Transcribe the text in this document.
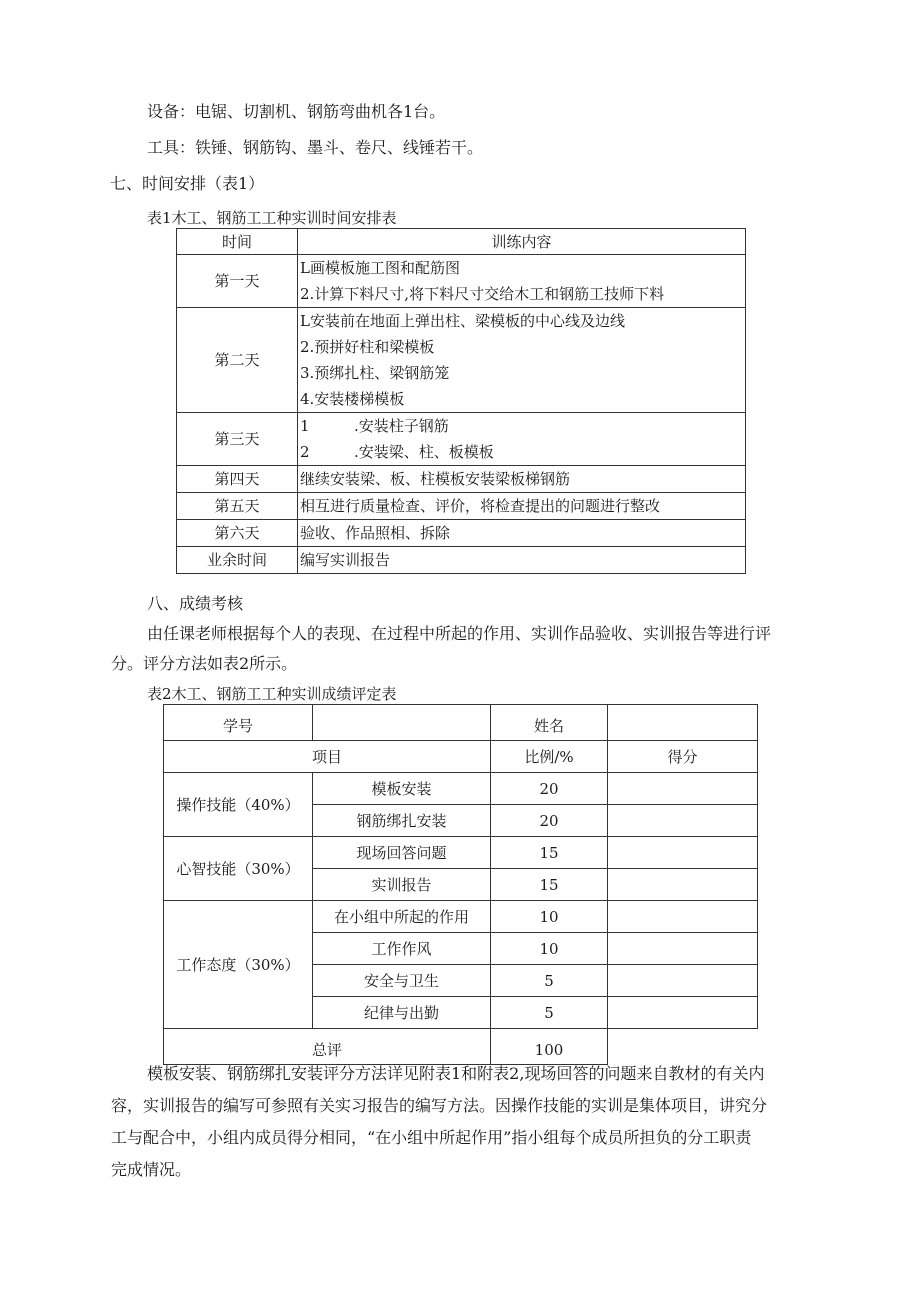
设备：电锯、切割机、钢筋弯曲机各1台。
工具：铁锤、钢筋钩、墨斗、卷尺、线锤若干。
七、时间安排（表1）
表1木工、钢筋工工种实训时间安排表
时间	训练内容
第一天	L画模板施工图和配筋图
2.计算下料尺寸,将下料尺寸交给木工和钢筋工技师下料

第二天	L安装前在地面上弹出柱、梁模板的中心线及边线
2.预拼好柱和梁模板
3.预绑扎柱、梁钢筋笼
4.安装楼梯模板

第三天	1 .安装柱子钢筋
2 .安装梁、柱、板模板

第四天	继续安装梁、板、柱模板安装梁板梯钢筋

第五天	相互进行质量检查、评价，将检查提出的问题进行整改

第六天	验收、作品照相、拆除

业余时间	编写实训报告
八、成绩考核
由任课老师根据每个人的表现、在过程中所起的作用、实训作品验收、实训报告等进行评
分。评分方法如表2所示。
表2木工、钢筋工工种实训成绩评定表
学号		姓名	
项目		比例/%	得分
操作技能（40%）	模板安装	20	
	钢筋绑扎安装	20	
心智技能（30%）	现场回答问题	15	
	实训报告	15	
工作态度（30%）	在小组中所起的作用	10	
	工作作风	10	
	安全与卫生	5	
	纪律与出勤	5	
总评		100	
模板安装、钢筋绑扎安装评分方法详见附表1和附表2,现场回答的问题来自教材的有关内
容，实训报告的编写可参照有关实习报告的编写方法。因操作技能的实训是集体项目，讲究分
工与配合中，小组内成员得分相同，“在小组中所起作用”指小组每个成员所担负的分工职责
完成情况。
